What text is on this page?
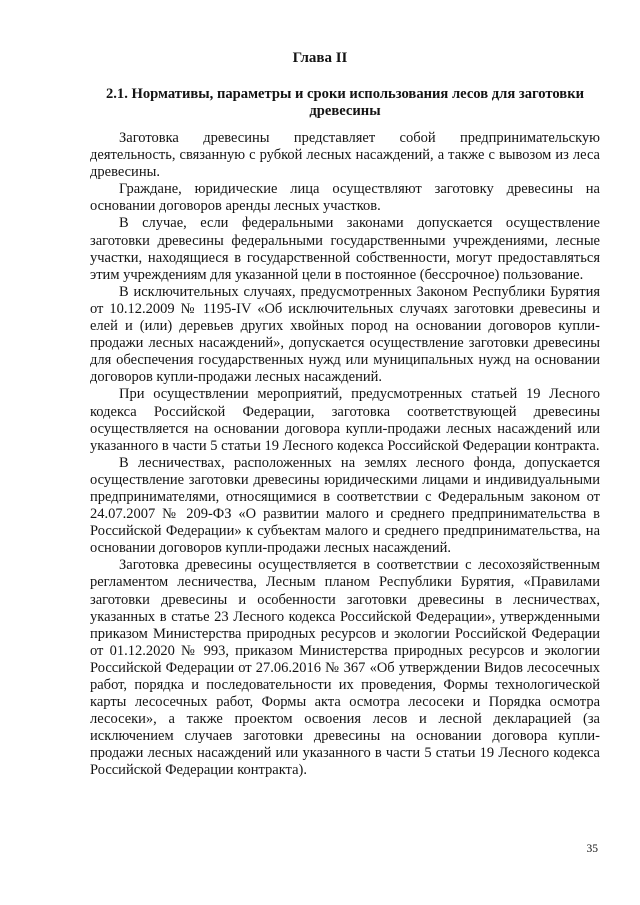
Глава II
2.1. Нормативы, параметры и сроки использования лесов для заготовки древесины

Заготовка древесины представляет собой предпринимательскую деятельность, связанную с рубкой лесных насаждений, а также с вывозом из леса древесины.

Граждане, юридические лица осуществляют заготовку древесины на основании договоров аренды лесных участков.

В случае, если федеральными законами допускается осуществление заготовки древесины федеральными государственными учреждениями, лесные участки, находящиеся в государственной собственности, могут предоставляться этим учреждениям для указанной цели в постоянное (бессрочное) пользование.

В исключительных случаях, предусмотренных Законом Республики Бурятия от 10.12.2009 № 1195-IV «Об исключительных случаях заготовки древесины и елей и (или) деревьев других хвойных пород на основании договоров купли-продажи лесных насаждений», допускается осуществление заготовки древесины для обеспечения государственных нужд или муниципальных нужд на основании договоров купли-продажи лесных насаждений.

При осуществлении мероприятий, предусмотренных статьей 19 Лесного кодекса Российской Федерации, заготовка соответствующей древесины осуществляется на основании договора купли-продажи лесных насаждений или указанного в части 5 статьи 19 Лесного кодекса Российской Федерации контракта.

В лесничествах, расположенных на землях лесного фонда, допускается осуществление заготовки древесины юридическими лицами и индивидуальными предпринимателями, относящимися в соответствии с Федеральным законом от 24.07.2007 № 209-ФЗ «О развитии малого и среднего предпринимательства в Российской Федерации» к субъектам малого и среднего предпринимательства, на основании договоров купли-продажи лесных насаждений.

Заготовка древесины осуществляется в соответствии с лесохозяйственным регламентом лесничества, Лесным планом Республики Бурятия, «Правилами заготовки древесины и особенности заготовки древесины в лесничествах, указанных в статье 23 Лесного кодекса Российской Федерации», утвержденными приказом Министерства природных ресурсов и экологии Российской Федерации от 01.12.2020 № 993, приказом Министерства природных ресурсов и экологии Российской Федерации от 27.06.2016 № 367 «Об утверждении Видов лесосечных работ, порядка и последовательности их проведения, Формы технологической карты лесосечных работ, Формы акта осмотра лесосеки и Порядка осмотра лесосеки», а также проектом освоения лесов и лесной декларацией (за исключением случаев заготовки древесины на основании договора купли-продажи лесных насаждений или указанного в части 5 статьи 19 Лесного кодекса Российской Федерации контракта).

35
